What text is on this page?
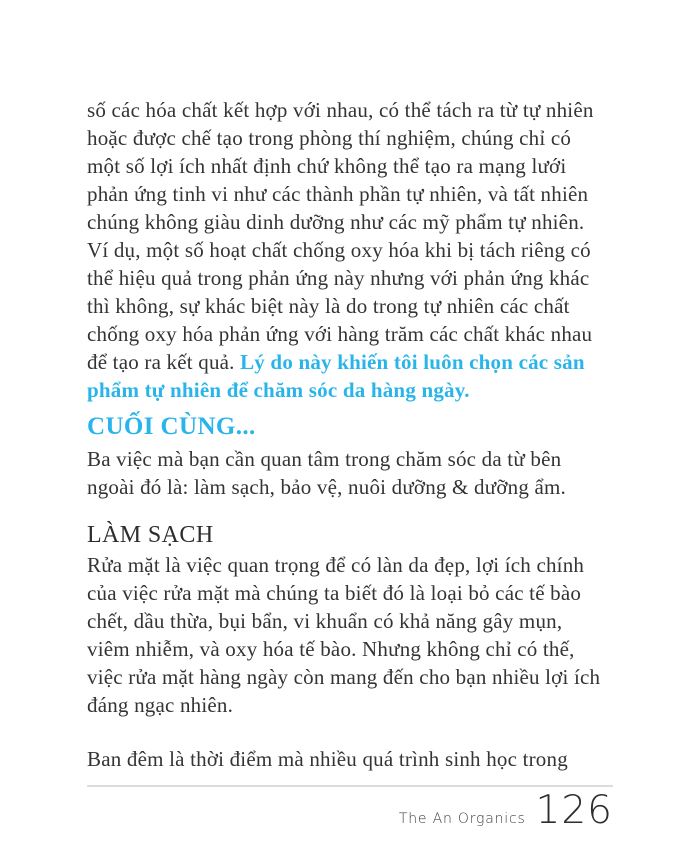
số các hóa chất kết hợp với nhau, có thể tách ra từ tự nhiên
hoặc được chế tạo trong phòng thí nghiệm, chúng chỉ có
một số lợi ích nhất định chứ không thể tạo ra mạng lưới
phản ứng tinh vi như các thành phần tự nhiên, và tất nhiên
chúng không giàu dinh dưỡng như các mỹ phẩm tự nhiên.
Ví dụ, một số hoạt chất chống oxy hóa khi bị tách riêng có
thể hiệu quả trong phản ứng này nhưng với phản ứng khác
thì không, sự khác biệt này là do trong tự nhiên các chất
chống oxy hóa phản ứng với hàng trăm các chất khác nhau
để tạo ra kết quả. Lý do này khiến tôi luôn chọn các sản
phẩm tự nhiên để chăm sóc da hàng ngày.
CUỐI CÙNG...
Ba việc mà bạn cần quan tâm trong chăm sóc da từ bên
ngoài đó là: làm sạch, bảo vệ, nuôi dưỡng & dưỡng ẩm.
LÀM SẠCH
Rửa mặt là việc quan trọng để có làn da đẹp, lợi ích chính
của việc rửa mặt mà chúng ta biết đó là loại bỏ các tế bào
chết, dầu thừa, bụi bẩn, vi khuẩn có khả năng gây mụn,
viêm nhiễm, và oxy hóa tế bào. Nhưng không chỉ có thế,
việc rửa mặt hàng ngày còn mang đến cho bạn nhiều lợi ích
đáng ngạc nhiên.
Ban đêm là thời điểm mà nhiều quá trình sinh học trong
The An Organics 126
